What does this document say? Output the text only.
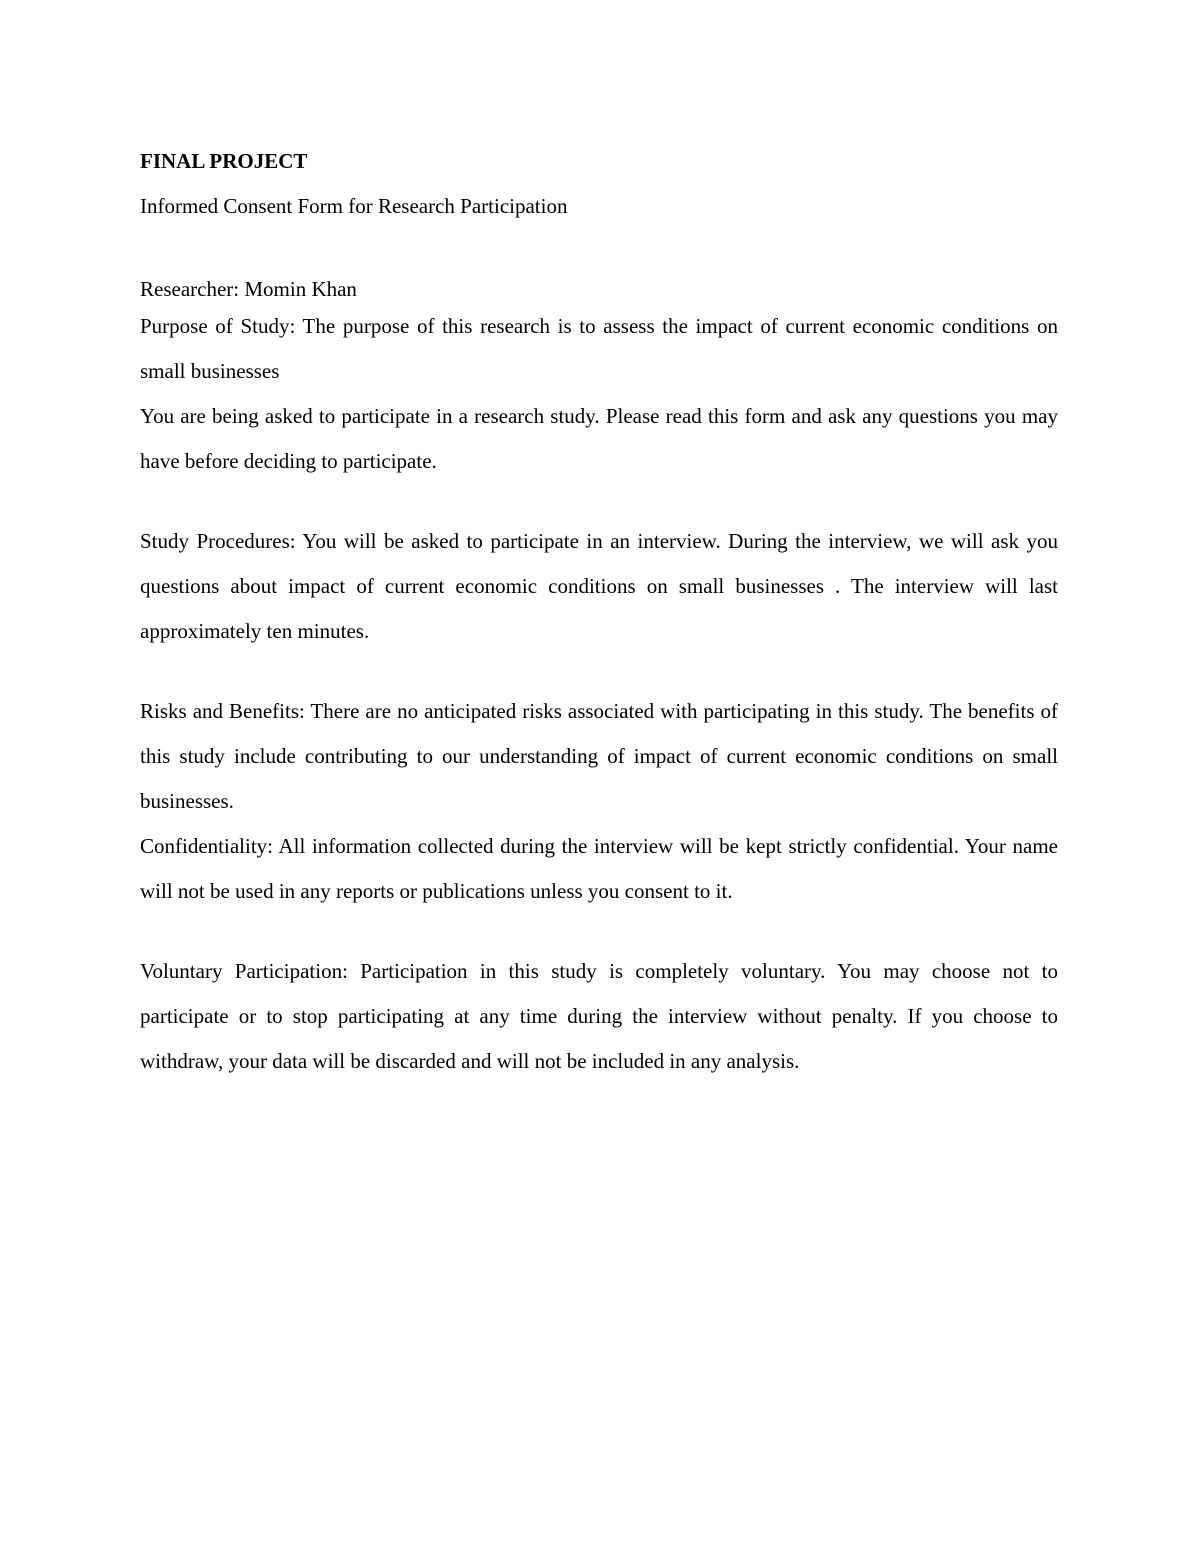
FINAL PROJECT
Informed Consent Form for Research Participation
Researcher: Momin Khan

Purpose of Study: The purpose of this research is to assess the impact of current economic conditions on small businesses

You are being asked to participate in a research study. Please read this form and ask any questions you may have before deciding to participate.

Study Procedures: You will be asked to participate in an interview. During the interview, we will ask you questions about impact of current economic conditions on small businesses . The interview will last approximately ten minutes.

Risks and Benefits: There are no anticipated risks associated with participating in this study. The benefits of this study include contributing to our understanding of impact of current economic conditions on small businesses.

Confidentiality: All information collected during the interview will be kept strictly confidential. Your name will not be used in any reports or publications unless you consent to it.

Voluntary Participation: Participation in this study is completely voluntary. You may choose not to participate or to stop participating at any time during the interview without penalty. If you choose to withdraw, your data will be discarded and will not be included in any analysis.
